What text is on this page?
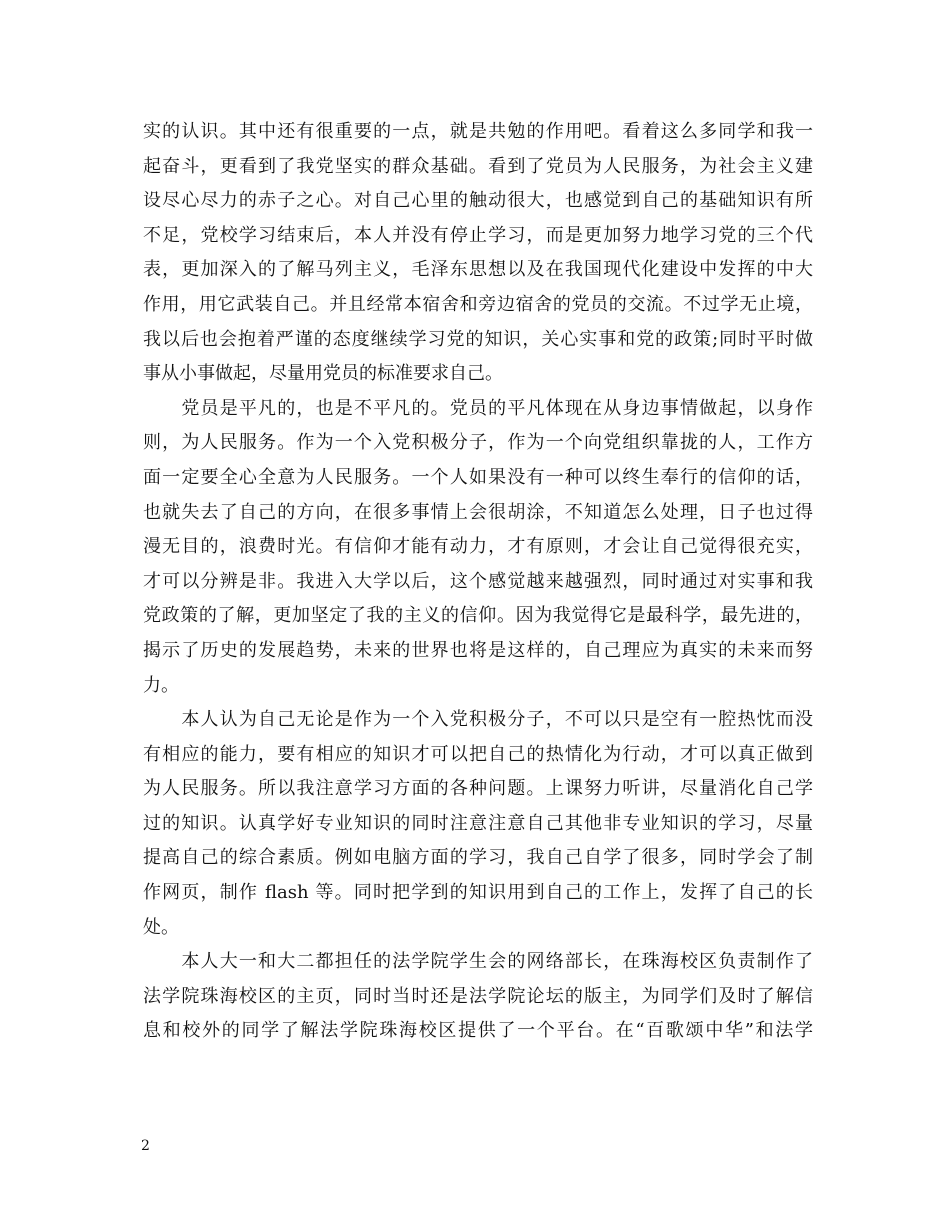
实的认识。其中还有很重要的一点，就是共勉的作用吧。看着这么多同学和我一
起奋斗，更看到了我党坚实的群众基础。看到了党员为人民服务，为社会主义建
设尽心尽力的赤子之心。对自己心里的触动很大，也感觉到自己的基础知识有所
不足，党校学习结束后，本人并没有停止学习，而是更加努力地学习党的三个代
表，更加深入的了解马列主义，毛泽东思想以及在我国现代化建设中发挥的中大
作用，用它武装自己。并且经常本宿舍和旁边宿舍的党员的交流。不过学无止境，
我以后也会抱着严谨的态度继续学习党的知识，关心实事和党的政策;同时平时做
事从小事做起，尽量用党员的标准要求自己。
　　党员是平凡的，也是不平凡的。党员的平凡体现在从身边事情做起，以身作
则，为人民服务。作为一个入党积极分子，作为一个向党组织靠拢的人，工作方
面一定要全心全意为人民服务。一个人如果没有一种可以终生奉行的信仰的话，
也就失去了自己的方向，在很多事情上会很胡涂，不知道怎么处理，日子也过得
漫无目的，浪费时光。有信仰才能有动力，才有原则，才会让自己觉得很充实，
才可以分辨是非。我进入大学以后，这个感觉越来越强烈，同时通过对实事和我
党政策的了解，更加坚定了我的主义的信仰。因为我觉得它是最科学，最先进的，
揭示了历史的发展趋势，未来的世界也将是这样的，自己理应为真实的未来而努
力。
　　本人认为自己无论是作为一个入党积极分子，不可以只是空有一腔热忱而没
有相应的能力，要有相应的知识才可以把自己的热情化为行动，才可以真正做到
为人民服务。所以我注意学习方面的各种问题。上课努力听讲，尽量消化自己学
过的知识。认真学好专业知识的同时注意注意自己其他非专业知识的学习，尽量
提高自己的综合素质。例如电脑方面的学习，我自己自学了很多，同时学会了制
作网页，制作 flash 等。同时把学到的知识用到自己的工作上，发挥了自己的长
处。
　　本人大一和大二都担任的法学院学生会的网络部长，在珠海校区负责制作了
法学院珠海校区的主页，同时当时还是法学院论坛的版主，为同学们及时了解信
息和校外的同学了解法学院珠海校区提供了一个平台。在“百歌颂中华”和法学
2
